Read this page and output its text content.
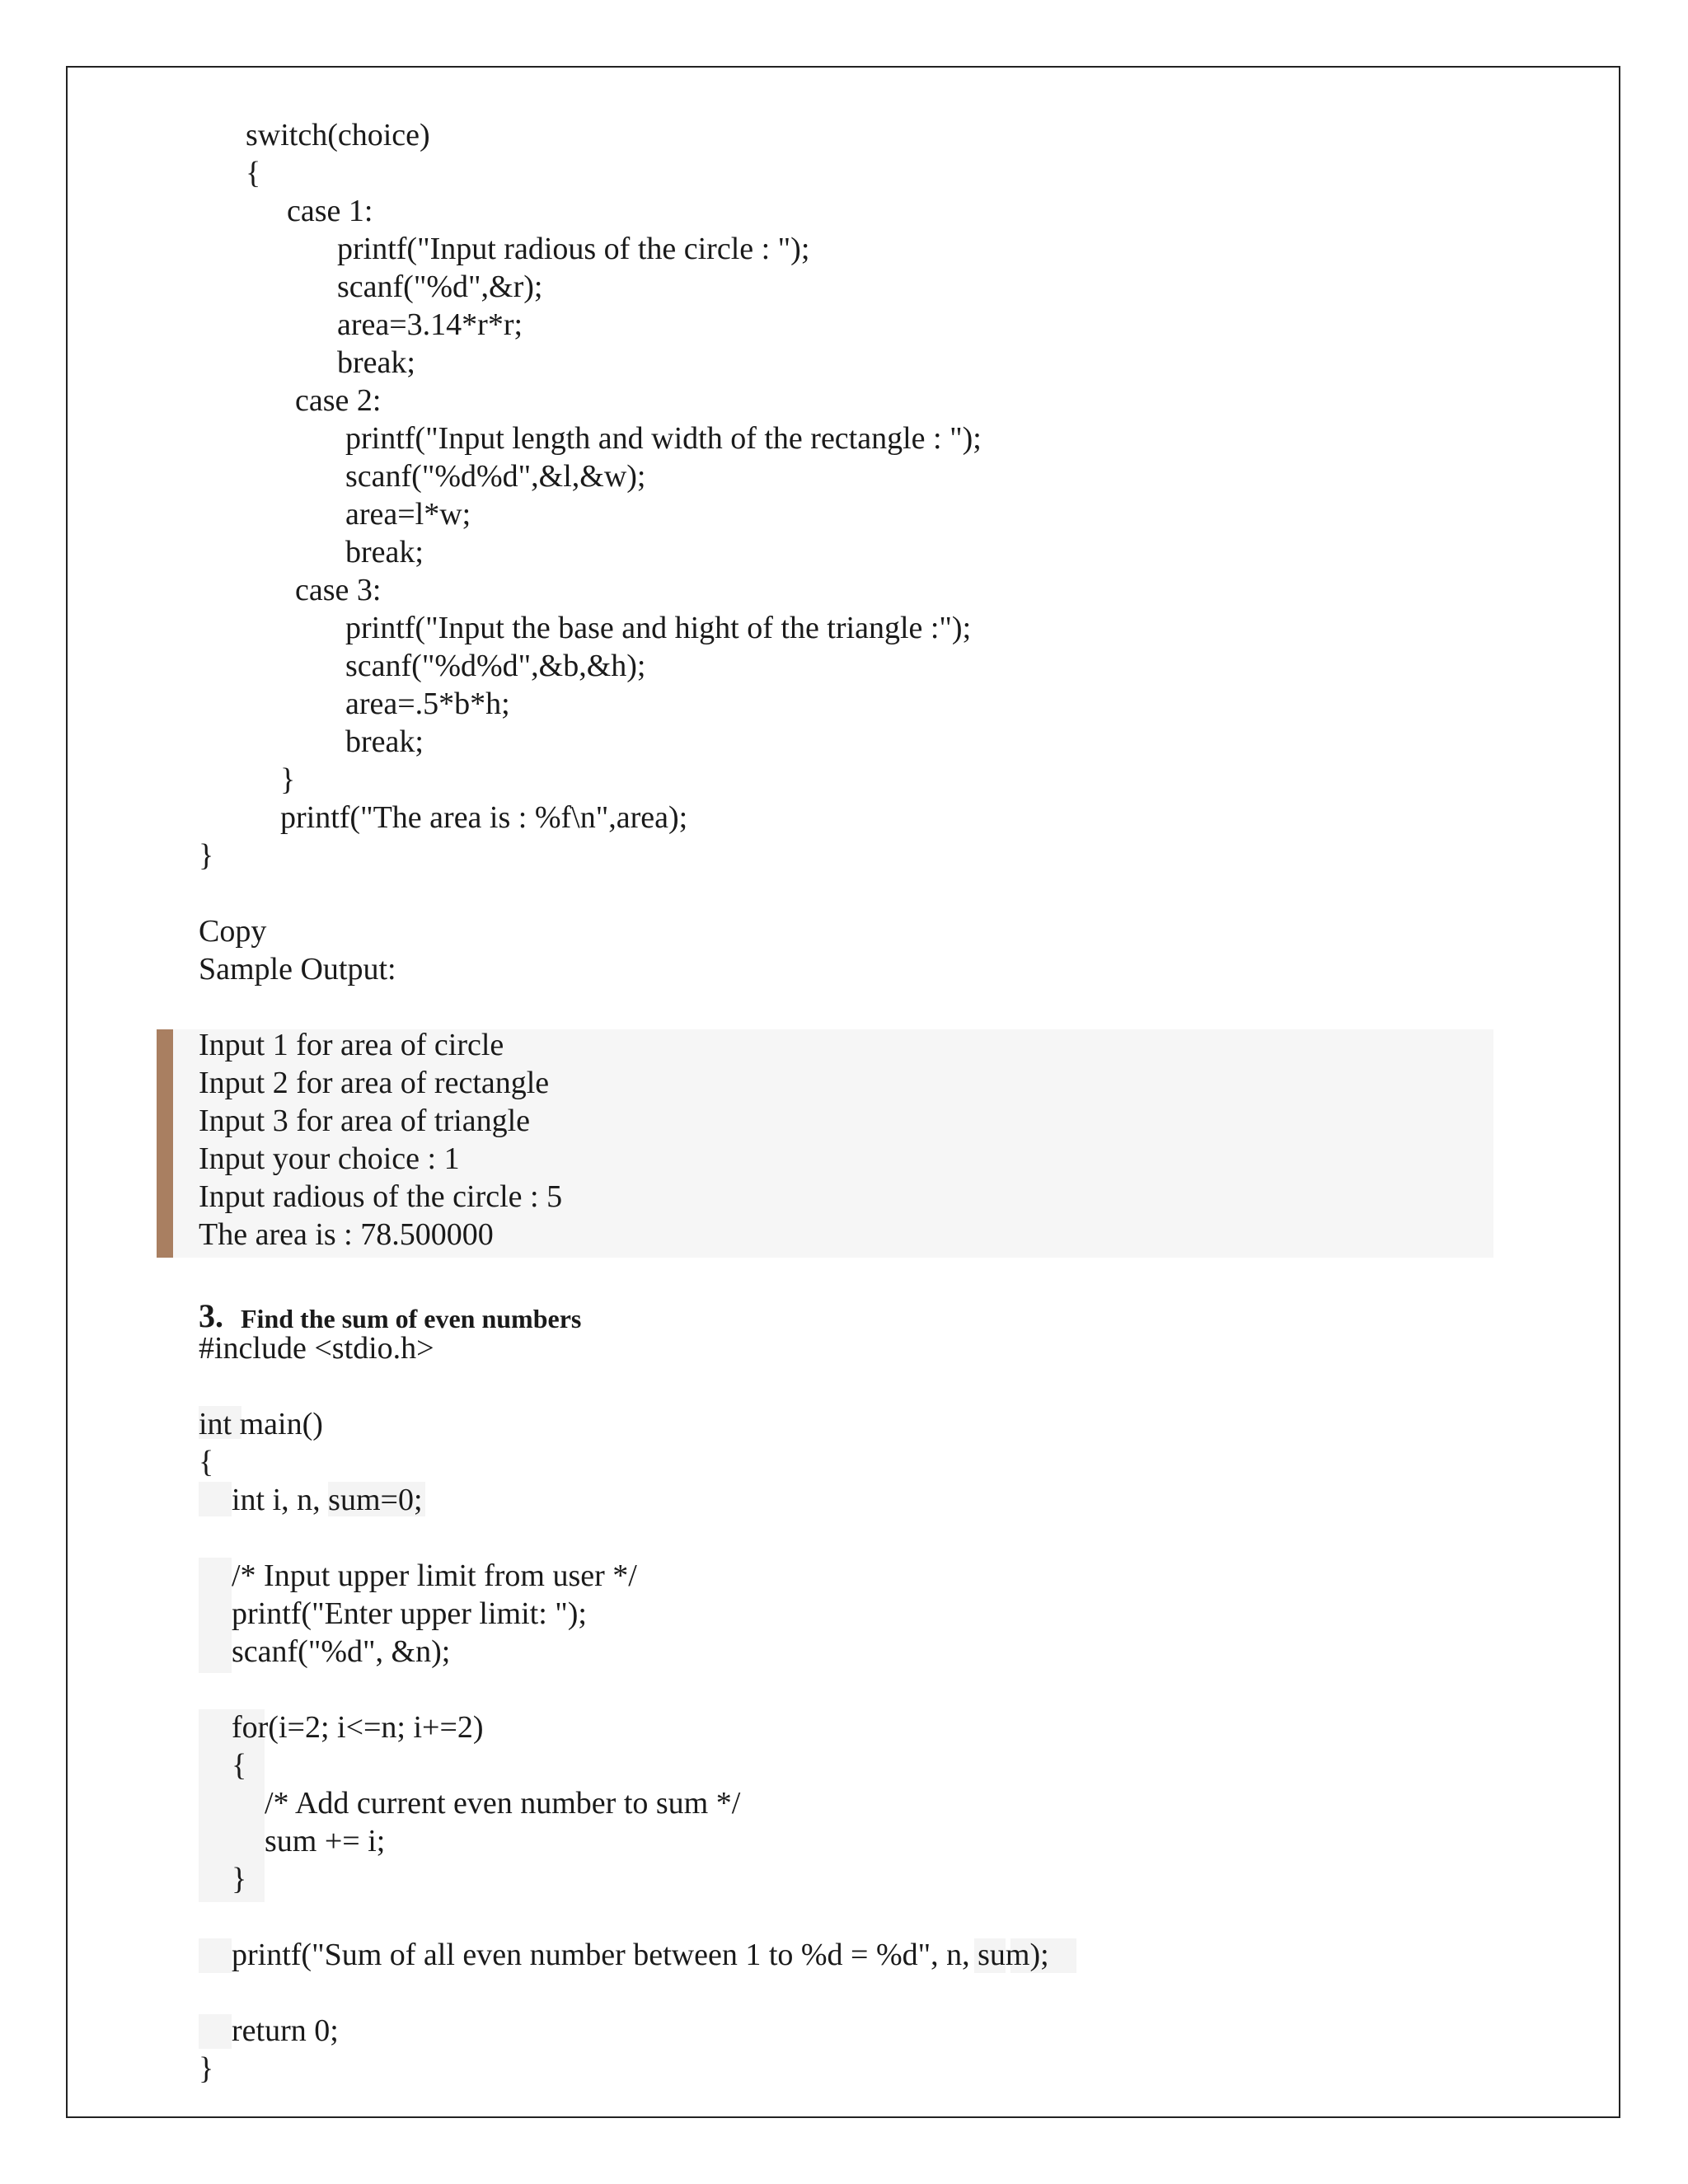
switch(choice)
{
case 1:
printf("Input radious of the circle : ");
scanf("%d",&r);
area=3.14*r*r;
break;
case 2:
printf("Input length and width of the rectangle : ");
scanf("%d%d",&l,&w);
area=l*w;
break;
case 3:
printf("Input the base and hight of the triangle :");
scanf("%d%d",&b,&h);
area=.5*b*h;
break;
}
printf("The area is : %f\n",area);
}
Copy
Sample Output:
Input 1 for area of circle
Input 2 for area of rectangle
Input 3 for area of triangle
Input your choice : 1
Input radious of the circle : 5
The area is : 78.500000
3. Find the sum of even numbers
#include <stdio.h>
int main()
{
int i, n, sum=0;
/* Input upper limit from user */
printf("Enter upper limit: ");
scanf("%d", &n);
for(i=2; i<=n; i+=2)
{
/* Add current even number to sum */
sum += i;
}
printf("Sum of all even number between 1 to %d = %d", n, sum);
return 0;
}
